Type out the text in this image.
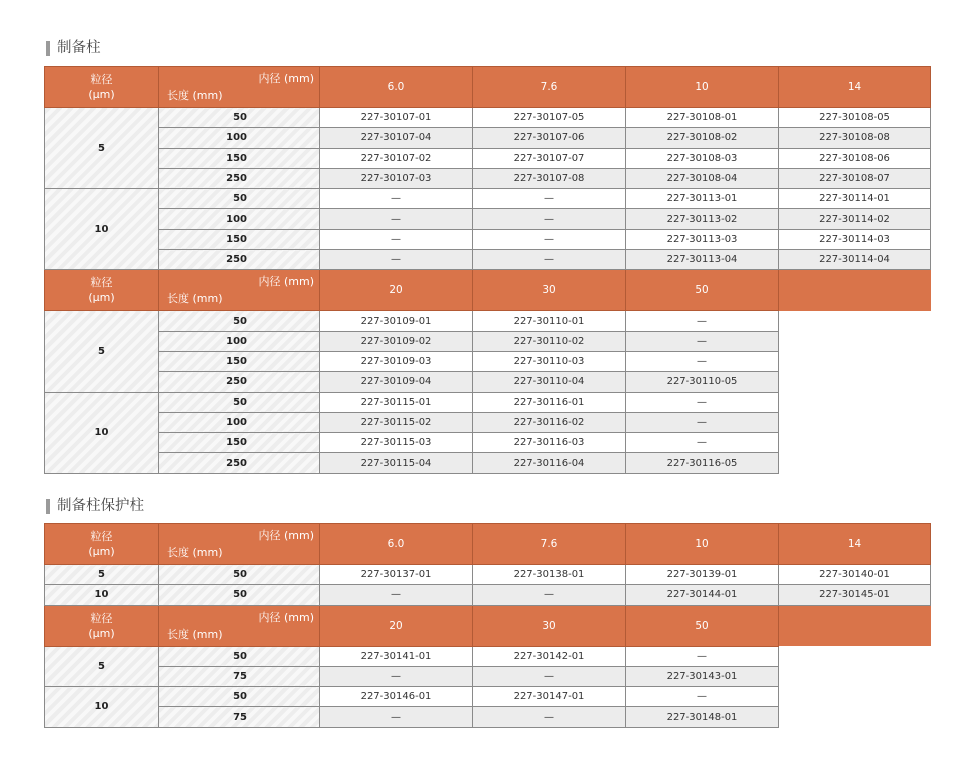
制备柱
粒径
(µm)	内径 (mm)
长度 (mm)	6.0	7.6	10	14
5	50	227-30107-01	227-30107-05	227-30108-01	227-30108-05
	100	227-30107-04	227-30107-06	227-30108-02	227-30108-08
	150	227-30107-02	227-30107-07	227-30108-03	227-30108-06
	250	227-30107-03	227-30107-08	227-30108-04	227-30108-07
10	50	—	—	227-30113-01	227-30114-01
	100	—	—	227-30113-02	227-30114-02
	150	—	—	227-30113-03	227-30114-03
	250	—	—	227-30113-04	227-30114-04
粒径
(µm)	内径 (mm)
长度 (mm)	20	30	50	
5	50	227-30109-01	227-30110-01	—	
	100	227-30109-02	227-30110-02	—	
	150	227-30109-03	227-30110-03	—	
	250	227-30109-04	227-30110-04	227-30110-05	
10	50	227-30115-01	227-30116-01	—	
	100	227-30115-02	227-30116-02	—	
	150	227-30115-03	227-30116-03	—	
	250	227-30115-04	227-30116-04	227-30116-05	
制备柱保护柱
粒径
(µm)	内径 (mm)
长度 (mm)	6.0	7.6	10	14
5	50	227-30137-01	227-30138-01	227-30139-01	227-30140-01
10	50	—	—	227-30144-01	227-30145-01
粒径
(µm)	内径 (mm)
长度 (mm)	20	30	50	
5	50	227-30141-01	227-30142-01	—	
	75	—	—	227-30143-01	
10	50	227-30146-01	227-30147-01	—	
	75	—	—	227-30148-01	
